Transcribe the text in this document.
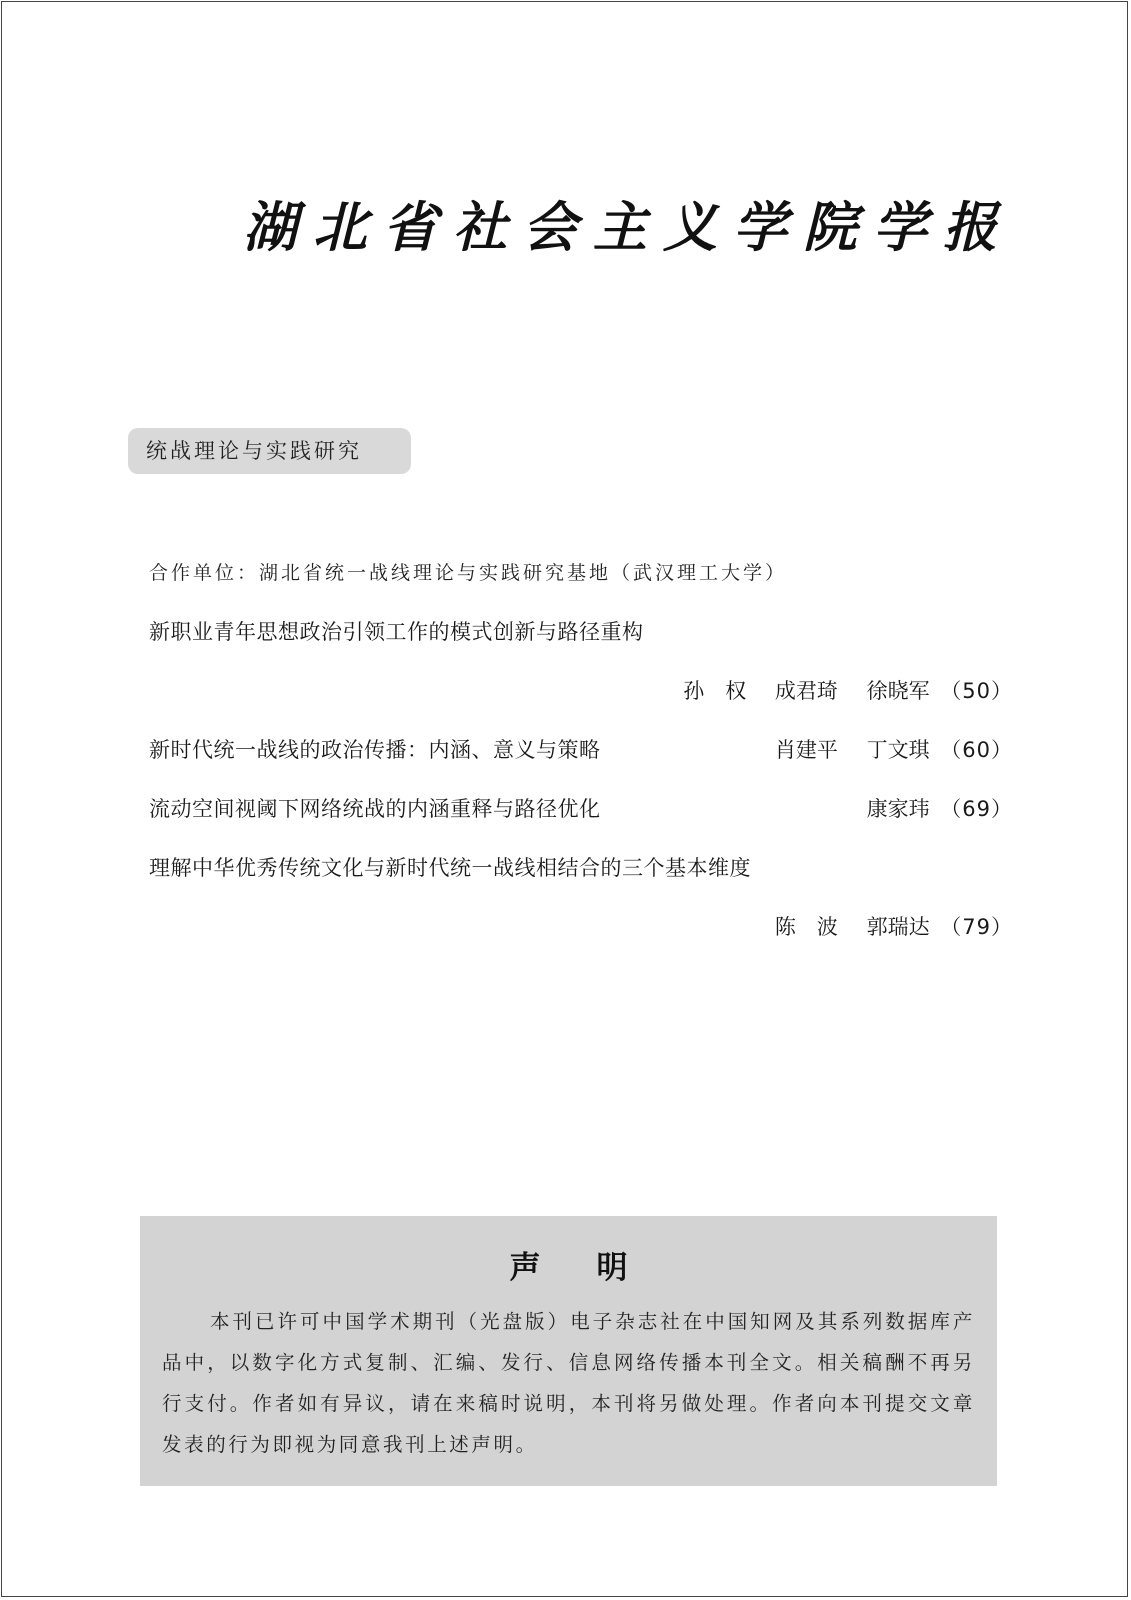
湖北省社会主义学院学报
统战理论与实践研究
合作单位：湖北省统一战线理论与实践研究基地（武汉理工大学）
新职业青年思想政治引领工作的模式创新与路径重构
孙　权 成君琦 徐晓军 （50）
新时代统一战线的政治传播：内涵、意义与策略	肖建平 丁文琪 （60）
流动空间视阈下网络统战的内涵重释与路径优化	康家玮 （69）
理解中华优秀传统文化与新时代统一战线相结合的三个基本维度
陈　波 郭瑞达 （79）
声明

本刊已许可中国学术期刊（光盘版）电子杂志社在中国知网及其系列数据库产品中，以数字化方式复制、汇编、发行、信息网络传播本刊全文。相关稿酬不再另行支付。作者如有异议，请在来稿时说明，本刊将另做处理。作者向本刊提交文章发表的行为即视为同意我刊上述声明。
